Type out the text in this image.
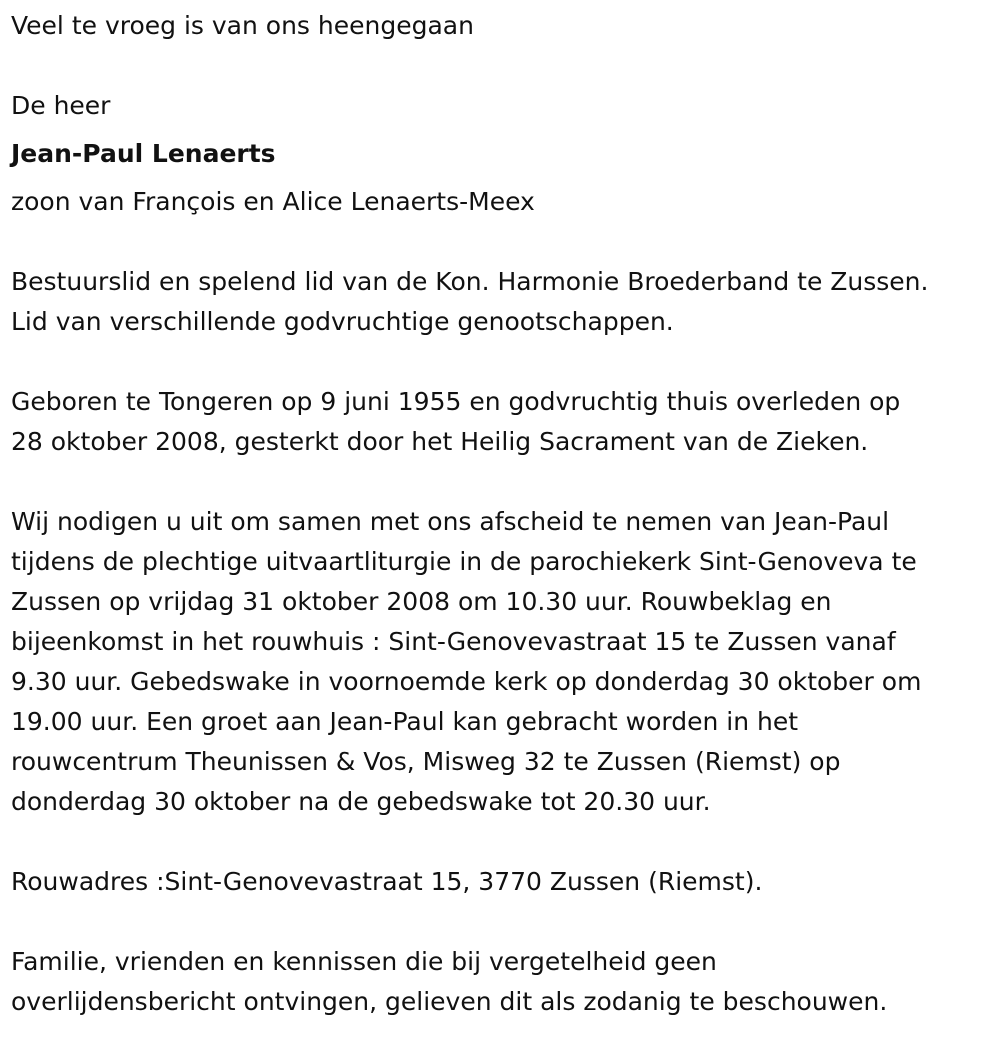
Veel te vroeg is van ons heengegaan

De heer

Jean-Paul Lenaerts

zoon van François en Alice Lenaerts-Meex

Bestuurslid en spelend lid van de Kon. Harmonie Broederband te Zussen.

Lid van verschillende godvruchtige genootschappen.

Geboren te Tongeren op 9 juni 1955 en godvruchtig thuis overleden op

28 oktober 2008, gesterkt door het Heilig Sacrament van de Zieken.

Wij nodigen u uit om samen met ons afscheid te nemen van Jean-Paul

tijdens de plechtige uitvaartliturgie in de parochiekerk Sint-Genoveva te

Zussen op vrijdag 31 oktober 2008 om 10.30 uur. Rouwbeklag en

bijeenkomst in het rouwhuis : Sint-Genovevastraat 15 te Zussen vanaf

9.30 uur. Gebedswake in voornoemde kerk op donderdag 30 oktober om

19.00 uur. Een groet aan Jean-Paul kan gebracht worden in het

rouwcentrum Theunissen & Vos, Misweg 32 te Zussen (Riemst) op

donderdag 30 oktober na de gebedswake tot 20.30 uur.

Rouwadres :Sint-Genovevastraat 15, 3770 Zussen (Riemst).

Familie, vrienden en kennissen die bij vergetelheid geen

overlijdensbericht ontvingen, gelieven dit als zodanig te beschouwen.
